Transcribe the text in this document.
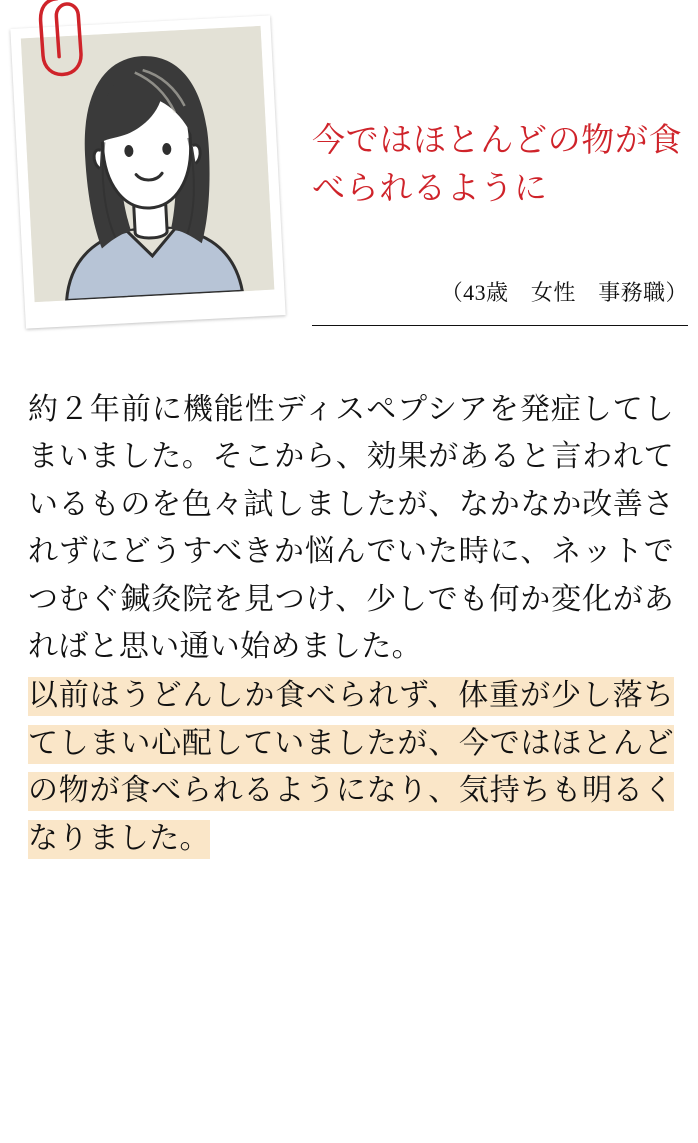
今ではほとんどの物が食べられるように
（43歳　女性　事務職）

約２年前に機能性ディスペプシアを発症してしまいました。そこから、効果があると言われているものを色々試しましたが、なかなか改善されずにどうすべきか悩んでいた時に、ネットでつむぐ鍼灸院を見つけ、少しでも何か変化があればと思い通い始めました。

以前はうどんしか食べられず、体重が少し落ちてしまい心配していましたが、今ではほとんどの物が食べられるようになり、気持ちも明るくなりました。
